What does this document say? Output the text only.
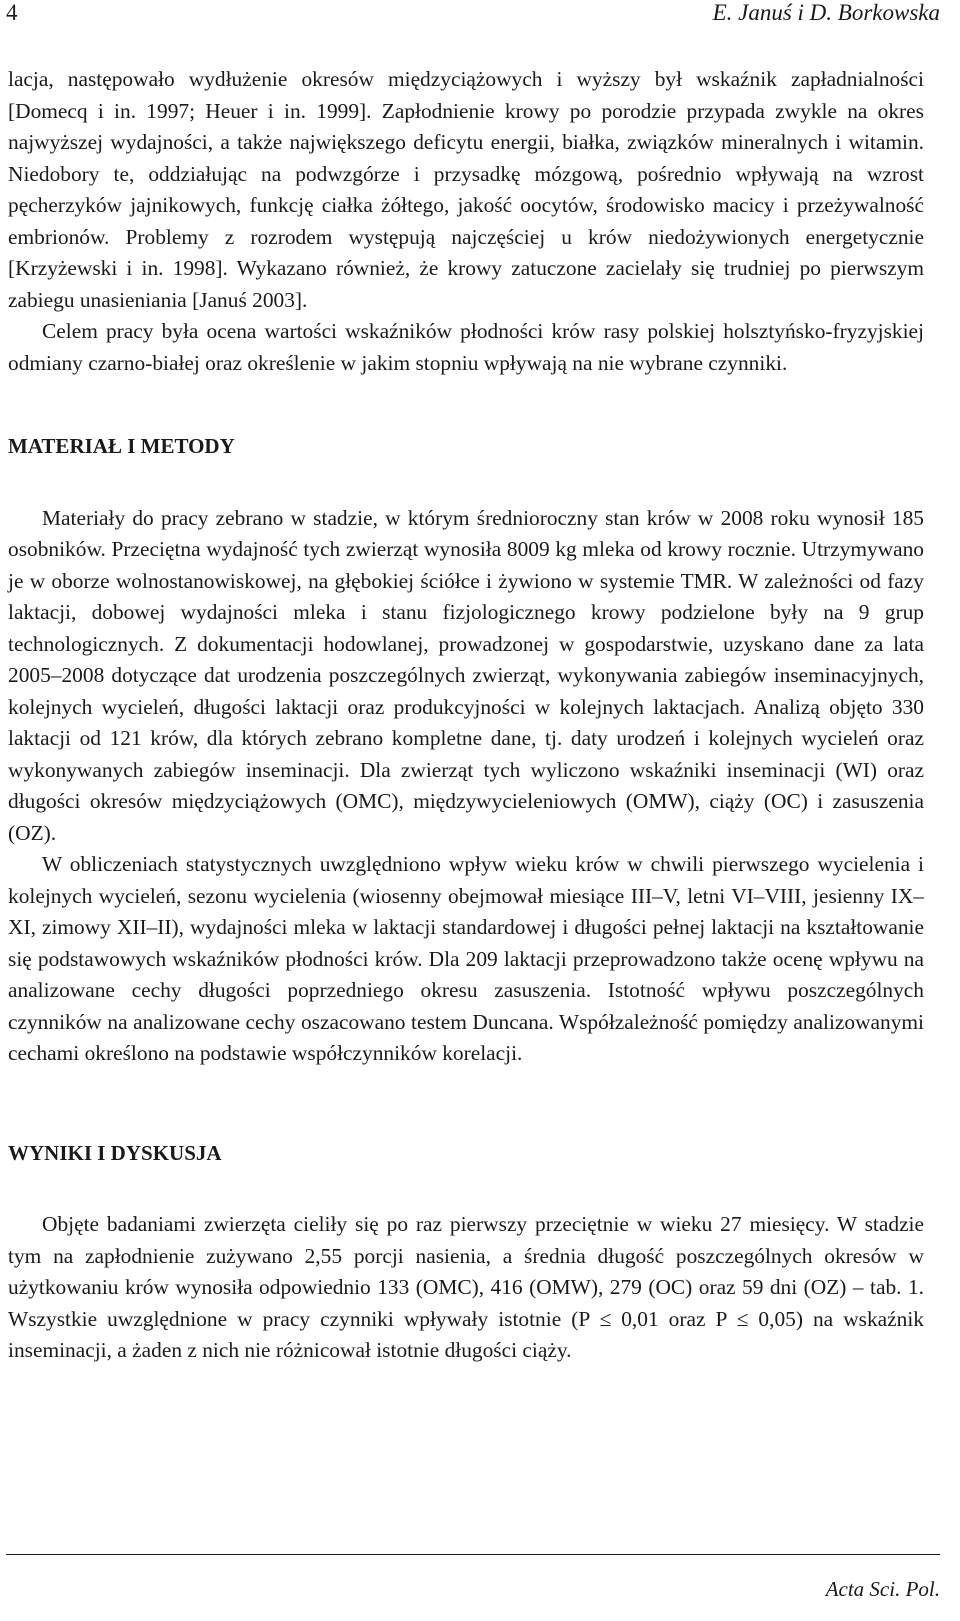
4	E. Januś i D. Borkowska

lacja, następowało wydłużenie okresów międzyciążowych i wyższy był wskaźnik zapładnialności [Domecq i in. 1997; Heuer i in. 1999]. Zapłodnienie krowy po porodzie przypada zwykle na okres najwyższej wydajności, a także największego deficytu energii, białka, związków mineralnych i witamin. Niedobory te, oddziałując na podwzgórze i przysadkę mózgową, pośrednio wpływają na wzrost pęcherzyków jajnikowych, funkcję ciałka żółtego, jakość oocytów, środowisko macicy i przeżywalność embrionów. Problemy z rozrodem występują najczęściej u krów niedożywionych energetycznie [Krzyżewski i in. 1998]. Wykazano również, że krowy zatuczone zacielały się trudniej po pierwszym zabiegu unasieniania [Januś 2003].

Celem pracy była ocena wartości wskaźników płodności krów rasy polskiej holsztyńsko-fryzyjskiej odmiany czarno-białej oraz określenie w jakim stopniu wpływają na nie wybrane czynniki.

MATERIAŁ I METODY

Materiały do pracy zebrano w stadzie, w którym średnioroczny stan krów w 2008 roku wynosił 185 osobników. Przeciętna wydajność tych zwierząt wynosiła 8009 kg mleka od krowy rocznie. Utrzymywano je w oborze wolnostanowiskowej, na głębokiej ściółce i żywiono w systemie TMR. W zależności od fazy laktacji, dobowej wydajności mleka i stanu fizjologicznego krowy podzielone były na 9 grup technologicznych. Z dokumentacji hodowlanej, prowadzonej w gospodarstwie, uzyskano dane za lata 2005–2008 dotyczące dat urodzenia poszczególnych zwierząt, wykonywania zabiegów inseminacyjnych, kolejnych wycieleń, długości laktacji oraz produkcyjności w kolejnych laktacjach. Analizą objęto 330 laktacji od 121 krów, dla których zebrano kompletne dane, tj. daty urodzeń i kolejnych wycieleń oraz wykonywanych zabiegów inseminacji. Dla zwierząt tych wyliczono wskaźniki inseminacji (WI) oraz długości okresów międzyciążowych (OMC), międzywycieleniowych (OMW), ciąży (OC) i zasuszenia (OZ).

W obliczeniach statystycznych uwzględniono wpływ wieku krów w chwili pierwszego wycielenia i kolejnych wycieleń, sezonu wycielenia (wiosenny obejmował miesiące III–V, letni VI–VIII, jesienny IX–XI, zimowy XII–II), wydajności mleka w laktacji standardowej i długości pełnej laktacji na kształtowanie się podstawowych wskaźników płodności krów. Dla 209 laktacji przeprowadzono także ocenę wpływu na analizowane cechy długości poprzedniego okresu zasuszenia. Istotność wpływu poszczególnych czynników na analizowane cechy oszacowano testem Duncana. Współzależność pomiędzy analizowanymi cechami określono na podstawie współczynników korelacji.

WYNIKI I DYSKUSJA

Objęte badaniami zwierzęta cieliły się po raz pierwszy przeciętnie w wieku 27 miesięcy. W stadzie tym na zapłodnienie zużywano 2,55 porcji nasienia, a średnia długość poszczególnych okresów w użytkowaniu krów wynosiła odpowiednio 133 (OMC), 416 (OMW), 279 (OC) oraz 59 dni (OZ) – tab. 1. Wszystkie uwzględnione w pracy czynniki wpływały istotnie (P ≤ 0,01 oraz P ≤ 0,05) na wskaźnik inseminacji, a żaden z nich nie różnicował istotnie długości ciąży.

Acta Sci. Pol.
